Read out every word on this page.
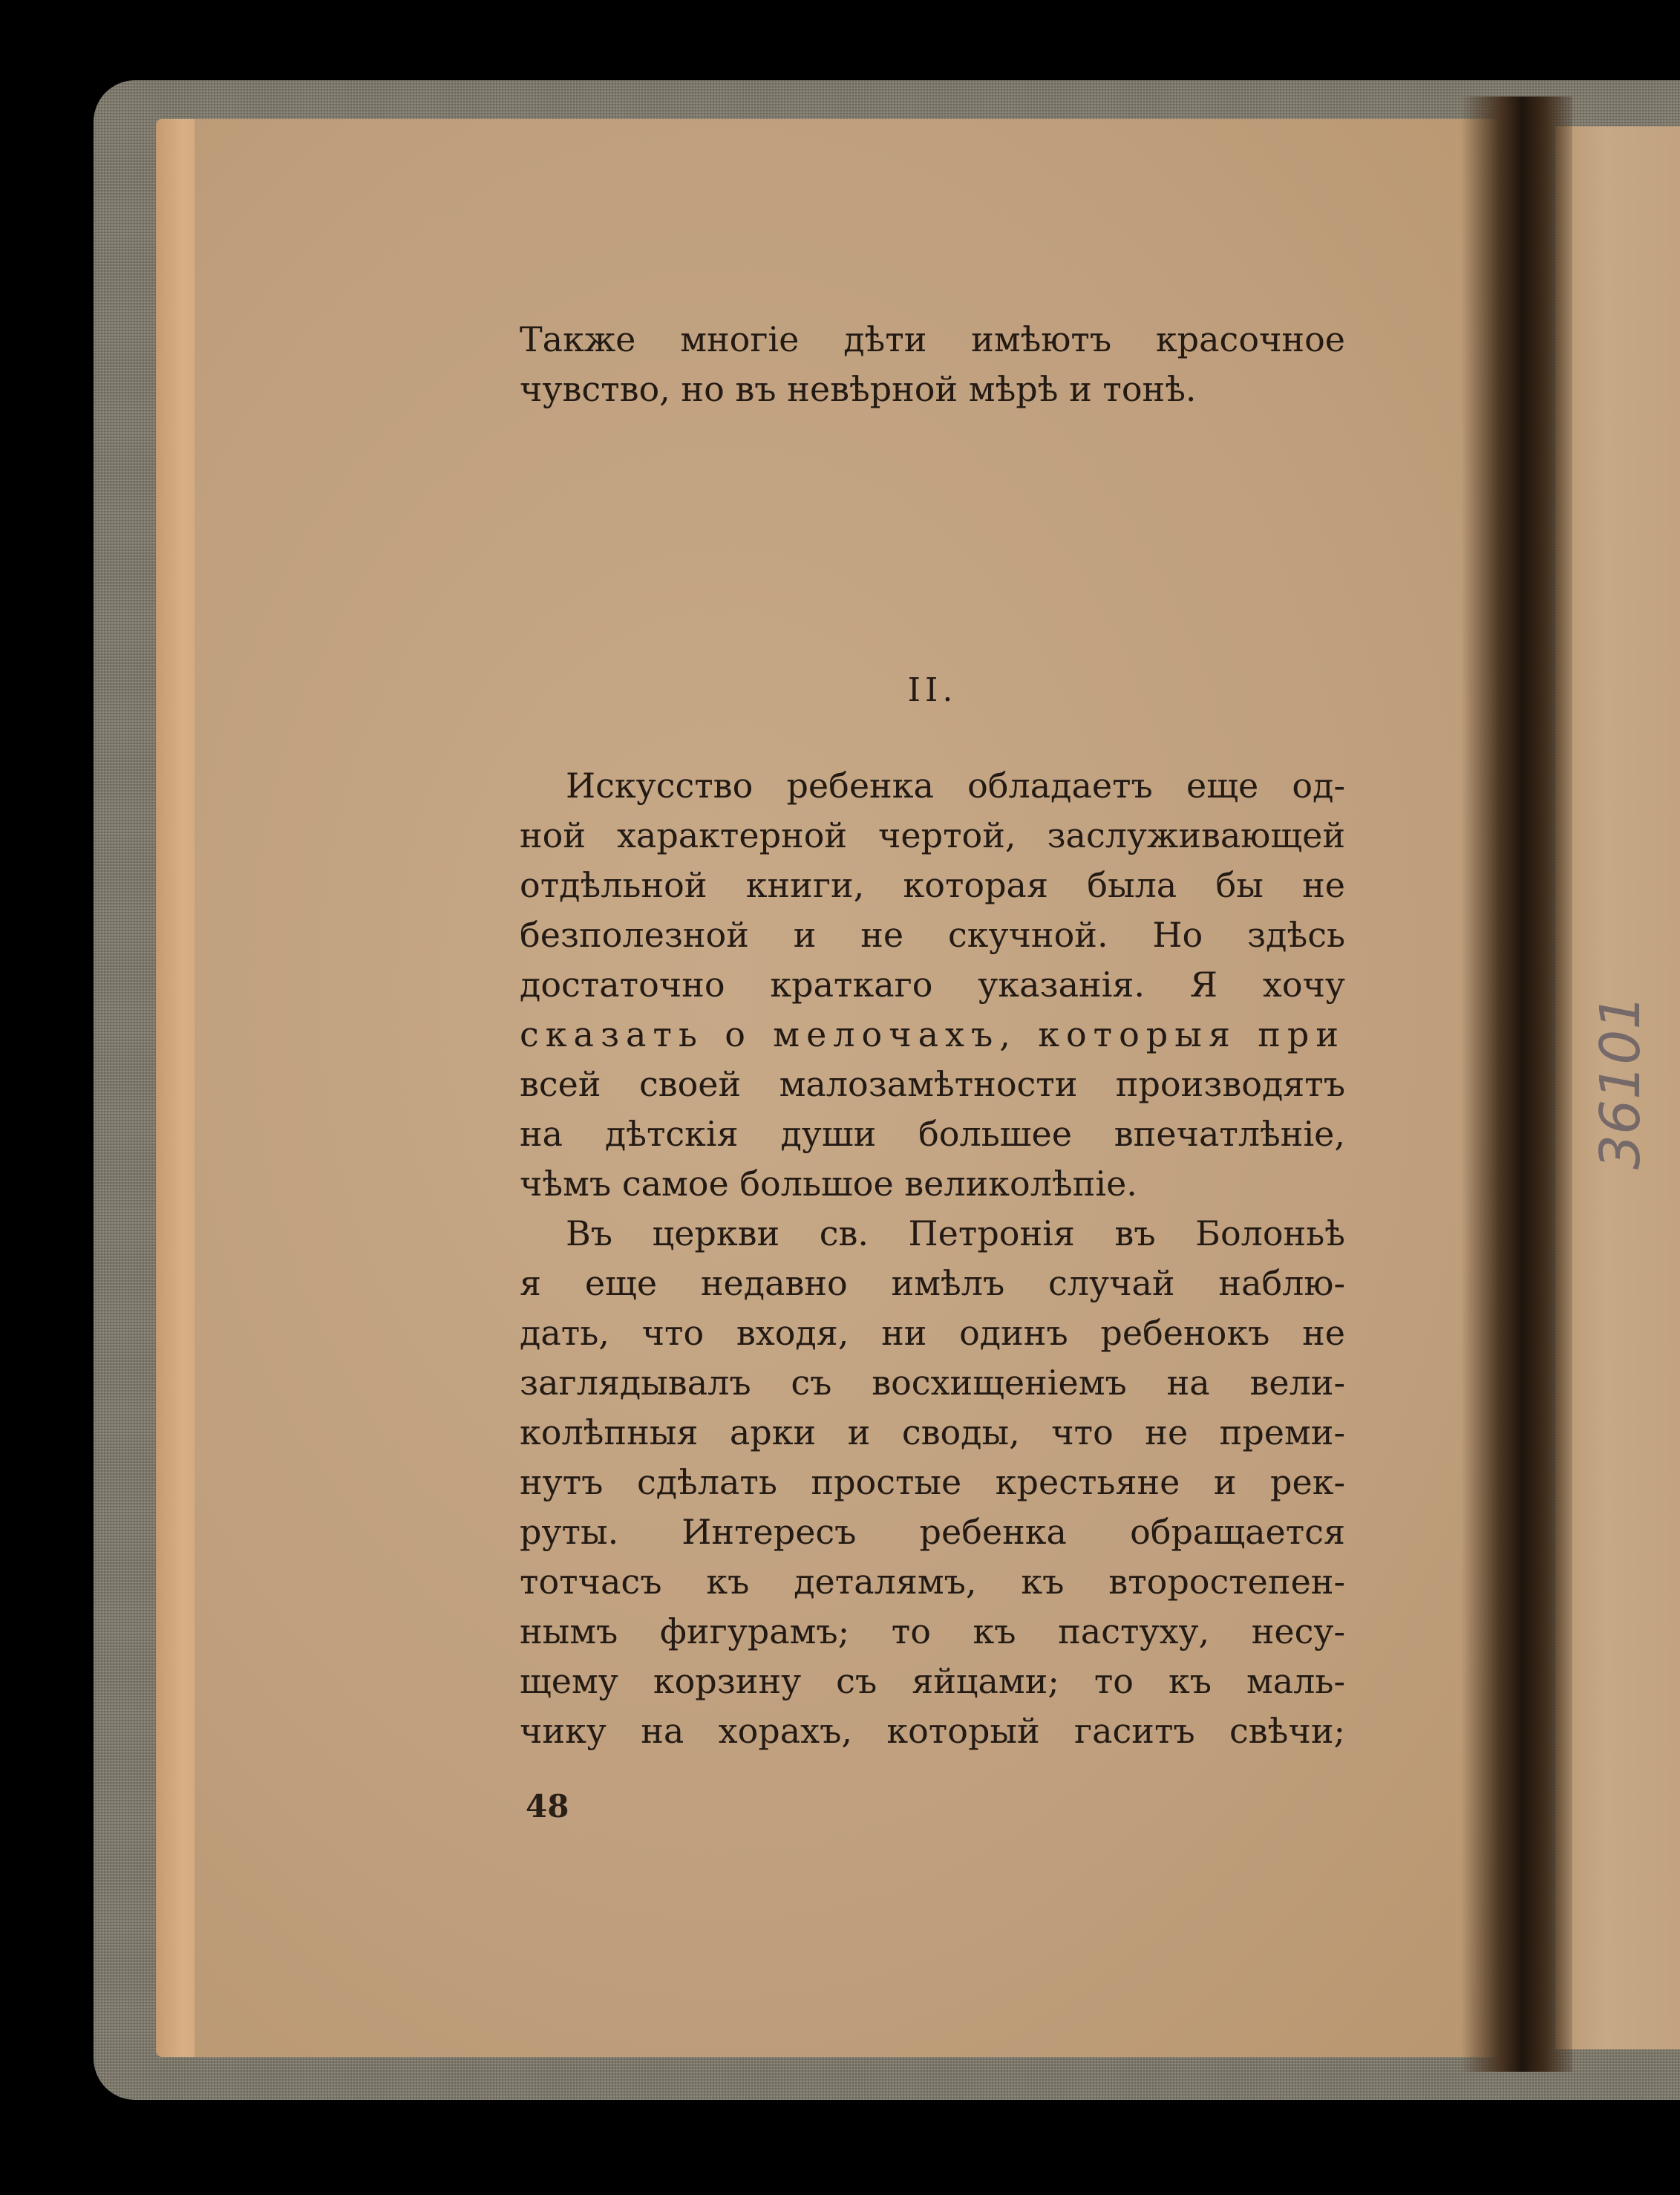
Также многіе дѣти имѣютъ красочное
чувство, но въ невѣрной мѣрѣ и тонѣ.
II.
Искусство ребенка обладаетъ еще од-
ной характерной чертой, заслуживающей
отдѣльной книги, которая была бы не
безполезной и не скучной. Но здѣсь
достаточно краткаго указанія. Я хочу
сказать о мелочахъ, которыя при
всей своей малозамѣтности производятъ
на дѣтскія души большее впечатлѣніе,
чѣмъ самое большое великолѣпіе.
Въ церкви св. Петронія въ Болоньѣ
я еще недавно имѣлъ случай наблю-
дать, что входя, ни одинъ ребенокъ не
заглядывалъ съ восхищеніемъ на вели-
колѣпныя арки и своды, что не преми-
нутъ сдѣлать простые крестьяне и рек-
руты. Интересъ ребенка обращается
тотчасъ къ деталямъ, къ второстепен-
нымъ фигурамъ; то къ пастуху, несу-
щему корзину съ яйцами; то къ маль-
чику на хорахъ, который гаситъ свѣчи;
48
36101
